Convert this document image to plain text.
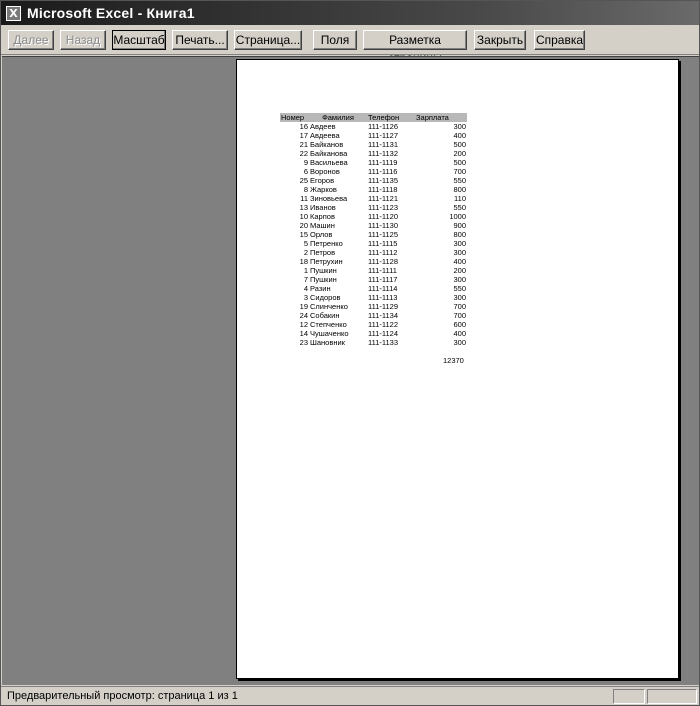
X Microsoft Excel - Книга1
Далее	Назад	Масштаб Печать... Страница...	Поля	Разметка	Закрыть Справка
Номер	Фамилия	Телефон	Зарплата
16	Авдеев	111-1126	300
17	Авдеева	111-1127	400
21	Байканов	111-1131	500
22	Байканова	111-1132	200
9	Васильева	111-1119	500
6	Воронов	111-1116	700
25	Егоров	111-1135	550
8	Жарков	111-1118	800
11	Зиновьева	111-1121	110
13	Иванов	111-1123	550
10	Карпов	111-1120	1000
20	Машин	111-1130	900
15	Орлов	111-1125	800
5	Петренко	111-1115	300
2	Петров	111-1112	300
18	Петрухин	111-1128	400
1	Пушкин	111-1111	200
7	Пушкин	111-1117	300
4	Разин	111-1114	550
3	Сидоров	111-1113	300
19	Слинченко	111-1129	700
24	Собакин	111-1134	700
12	Степченко	111-1122	600
14	Чушаченко	111-1124	400
23	Шановник	111-1133	300
12370
Предварительный просмотр: страница 1 из 1
